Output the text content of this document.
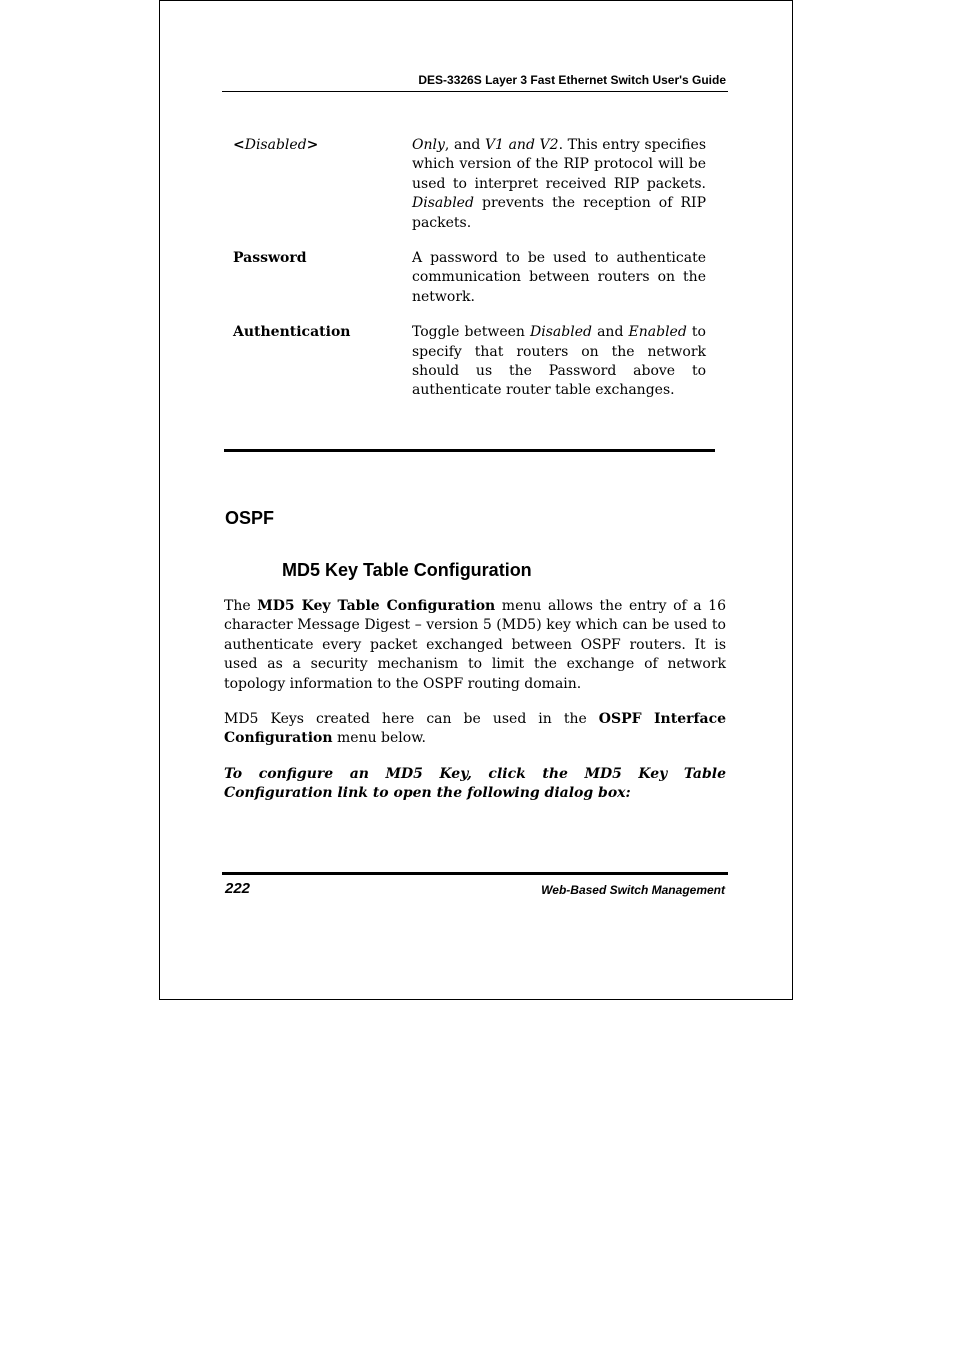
DES-3326S Layer 3 Fast Ethernet Switch User's Guide
<Disabled>	Only, and V1 and V2. This entry specifies which version of the RIP protocol will be used to interpret received RIP packets. Disabled prevents the reception of RIP packets.
Password	A password to be used to authenticate communication between routers on the network.
Authentication	Toggle between Disabled and Enabled to specify that routers on the network should us the Password above to authenticate router table exchanges.
OSPF
MD5 Key Table Configuration

The MD5 Key Table Configuration menu allows the entry of a 16 character Message Digest – version 5 (MD5) key which can be used to authenticate every packet exchanged between OSPF routers. It is used as a security mechanism to limit the exchange of network topology information to the OSPF routing domain.

MD5 Keys created here can be used in the OSPF Interface Configuration menu below.

To configure an MD5 Key, click the MD5 Key Table Configuration link to open the following dialog box:

222	Web-Based Switch Management
